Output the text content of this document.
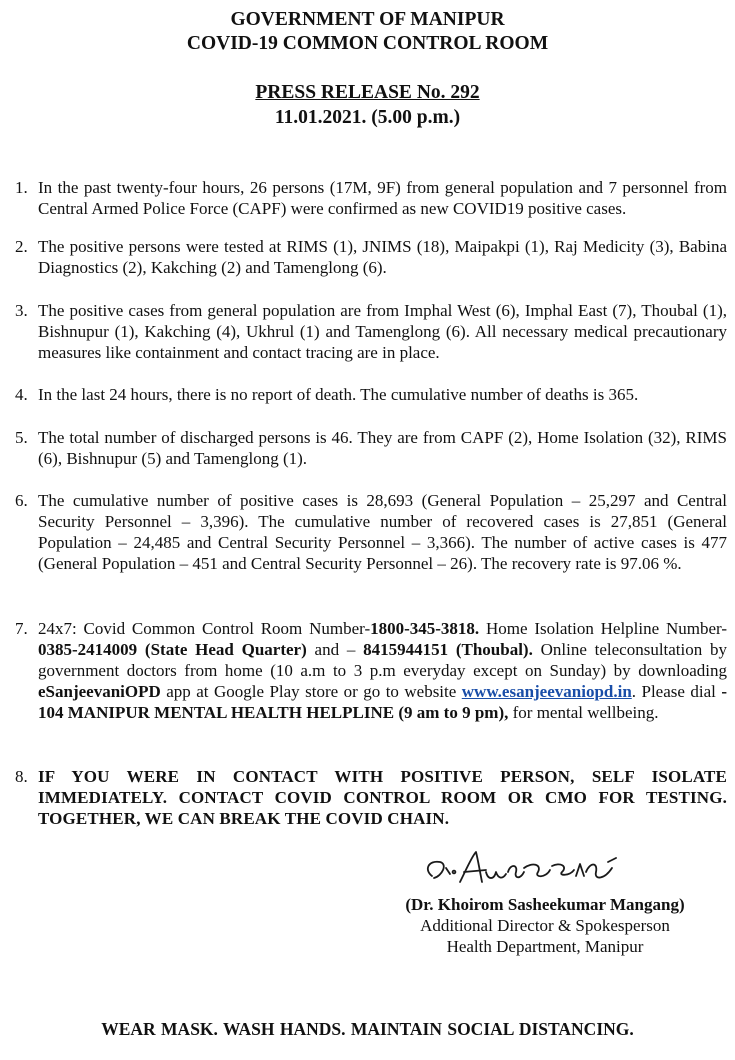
GOVERNMENT OF MANIPUR
COVID-19 COMMON CONTROL ROOM
PRESS RELEASE No. 292
11.01.2021. (5.00 p.m.)
1. In the past twenty-four hours, 26 persons (17M, 9F) from general population and 7 personnel from Central Armed Police Force (CAPF) were confirmed as new COVID19 positive cases.
2. The positive persons were tested at RIMS (1), JNIMS (18), Maipakpi (1), Raj Medicity (3), Babina Diagnostics (2), Kakching (2) and Tamenglong (6).
3. The positive cases from general population are from Imphal West (6), Imphal East (7), Thoubal (1), Bishnupur (1), Kakching (4), Ukhrul (1) and Tamenglong (6). All necessary medical precautionary measures like containment and contact tracing are in place.
4. In the last 24 hours, there is no report of death. The cumulative number of deaths is 365.
5. The total number of discharged persons is 46. They are from CAPF (2), Home Isolation (32), RIMS (6), Bishnupur (5) and Tamenglong (1).
6. The cumulative number of positive cases is 28,693 (General Population – 25,297 and Central Security Personnel – 3,396). The cumulative number of recovered cases is 27,851 (General Population – 24,485 and Central Security Personnel – 3,366). The number of active cases is 477 (General Population – 451 and Central Security Personnel – 26). The recovery rate is 97.06 %.
7. 24x7: Covid Common Control Room Number-1800-345-3818. Home Isolation Helpline Number- 0385-2414009 (State Head Quarter) and – 8415944151 (Thoubal). Online teleconsultation by government doctors from home (10 a.m to 3 p.m everyday except on Sunday) by downloading eSanjeevaniOPD app at Google Play store or go to website www.esanjeevaniopd.in. Please dial - 104 MANIPUR MENTAL HEALTH HELPLINE (9 am to 9 pm), for mental wellbeing.
8. IF YOU WERE IN CONTACT WITH POSITIVE PERSON, SELF ISOLATE IMMEDIATELY. CONTACT COVID CONTROL ROOM OR CMO FOR TESTING. TOGETHER, WE CAN BREAK THE COVID CHAIN.
(Dr. Khoirom Sasheekumar Mangang)
Additional Director & Spokesperson
Health Department, Manipur
WEAR MASK. WASH HANDS. MAINTAIN SOCIAL DISTANCING.
